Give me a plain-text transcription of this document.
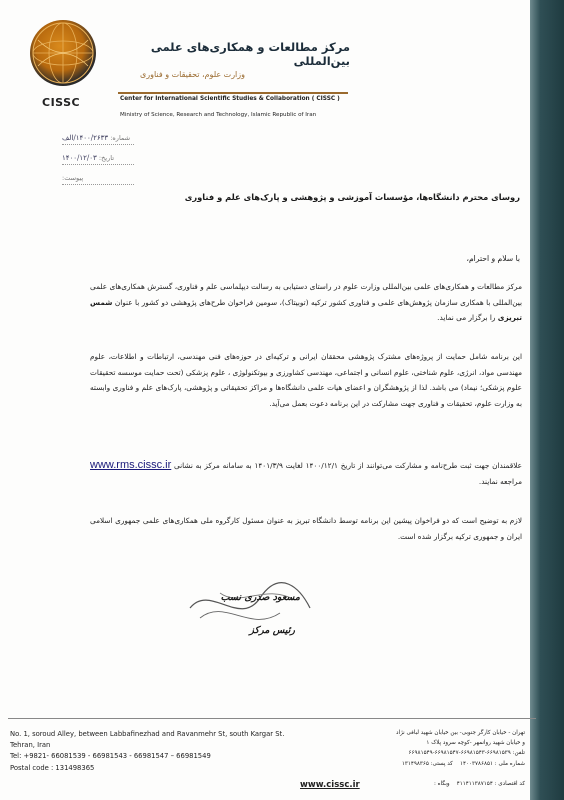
CISSC
مرکز مطالعات و همکاری‌های علمی بین‌المللی
وزارت علوم، تحقیقات و فناوری
Center for International Scientific Studies & Collaboration ( CISSC )
Ministry of Science, Research and Technology, Islamic Republic of Iran
شماره: ۱۴۰۰/۲۶۳۳/الف
تاریخ: ۱۴۰۰/۱۲/۰۳
پیوست:
روسای محترم دانشگاه‌ها، مؤسسات آموزشی و پژوهشی و پارک‌های علم و فناوری
با سلام و احترام،
مرکز مطالعات و همکاری‌های علمی بین‌المللی وزارت علوم در راستای دستیابی به رسالت دیپلماسی علم و فناوری، گسترش همکاری‌های علمی بین‌المللی با همکاری سازمان پژوهش‌های علمی و فناوری کشور ترکیه (توبیتاک)، سومین فراخوان طرح‌های پژوهشی دو کشور با عنوان شمس تبریزی را برگزار می نماید.
این برنامه شامل حمایت از پروژه‌های مشترک پژوهشی محققان ایرانی و ترکیه‌ای در حوزه‌های فنی مهندسی، ارتباطات و اطلاعات، علوم مهندسی مواد، انرژی، علوم شناختی، علوم انسانی و اجتماعی، مهندسی کشاورزی و بیوتکنولوژی ، علوم پزشکی (تحت حمایت موسسه تحقیقات علوم پزشکی؛ نیماد) می باشد. لذا از پژوهشگران و اعضای هیات علمی دانشگاه‌ها و مراکز تحقیقاتی و پژوهشی، پارک‌های علم و فناوری وابسته به وزارت علوم، تحقیقات و فناوری جهت مشارکت در این برنامه دعوت بعمل می‌آید.
علاقمندان جهت ثبت طرح‌نامه و مشارکت می‌توانند از تاریخ ۱۴۰۰/۱۲/۱ لغایت ۱۴۰۱/۳/۹ به سامانه مرکز به نشانی www.rms.cissc.ir مراجعه نمایند.
لازم به توضیح است که دو فراخوان پیشین این برنامه توسط دانشگاه تبریز به عنوان مسئول کارگروه ملی همکاری‌های علمی جمهوری اسلامی ایران و جمهوری ترکیه برگزار شده است.
مسعود صدری نسب
رئیس مرکز
No. 1, soroud Alley, between Labbafinezhad and Ravanmehr St, south Kargar St.
Tehran, Iran
Tel: +9821- 66081539 - 66981543 - 66981547 – 66981549
Postal code : 131498365
تهران - خیابان کارگر جنوبی- بین خیابان شهید لبافی نژاد
و خیابان شهید روانمهر -کوچه سرود پلاک ۱
تلفن: ۶۶۹۸۱۵۳۹-۶۶۹۸۱۵۴۳-۶۶۹۸۱۵۴۷-۶۶۹۸۱۵۴۹
شماره ملی : ۱۴۰۰۳۷۸۶۸۵۱    کد پستی: ۱۳۱۴۹۸۳۶۵
کد اقتصادی : ۴۱۱۴۱۱۳۸۷۱۵۴    وبگاه :
www.cissc.ir
